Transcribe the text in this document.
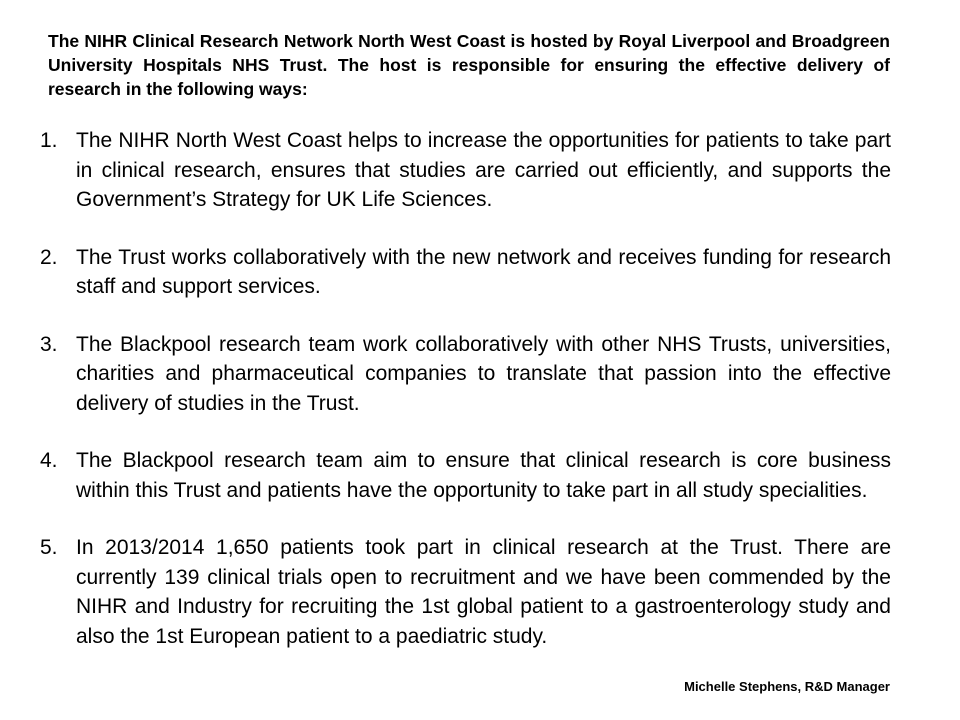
The NIHR Clinical Research Network North West Coast is hosted by Royal Liverpool and Broadgreen University Hospitals NHS Trust. The host is responsible for ensuring the effective delivery of research in the following ways:

1. The NIHR North West Coast helps to increase the opportunities for patients to take part in clinical research, ensures that studies are carried out efficiently, and supports the Government’s Strategy for UK Life Sciences.
2. The Trust works collaboratively with the new network and receives funding for research staff and support services.
3. The Blackpool research team work collaboratively with other NHS Trusts, universities, charities and pharmaceutical companies to translate that passion into the effective delivery of studies in the Trust.
4. The Blackpool research team aim to ensure that clinical research is core business within this Trust and patients have the opportunity to take part in all study specialities.
5. In 2013/2014 1,650 patients took part in clinical research at the Trust. There are currently 139 clinical trials open to recruitment and we have been commended by the NIHR and Industry for recruiting the 1st global patient to a gastroenterology study and also the 1st European patient to a paediatric study.
Michelle Stephens, R&D Manager
